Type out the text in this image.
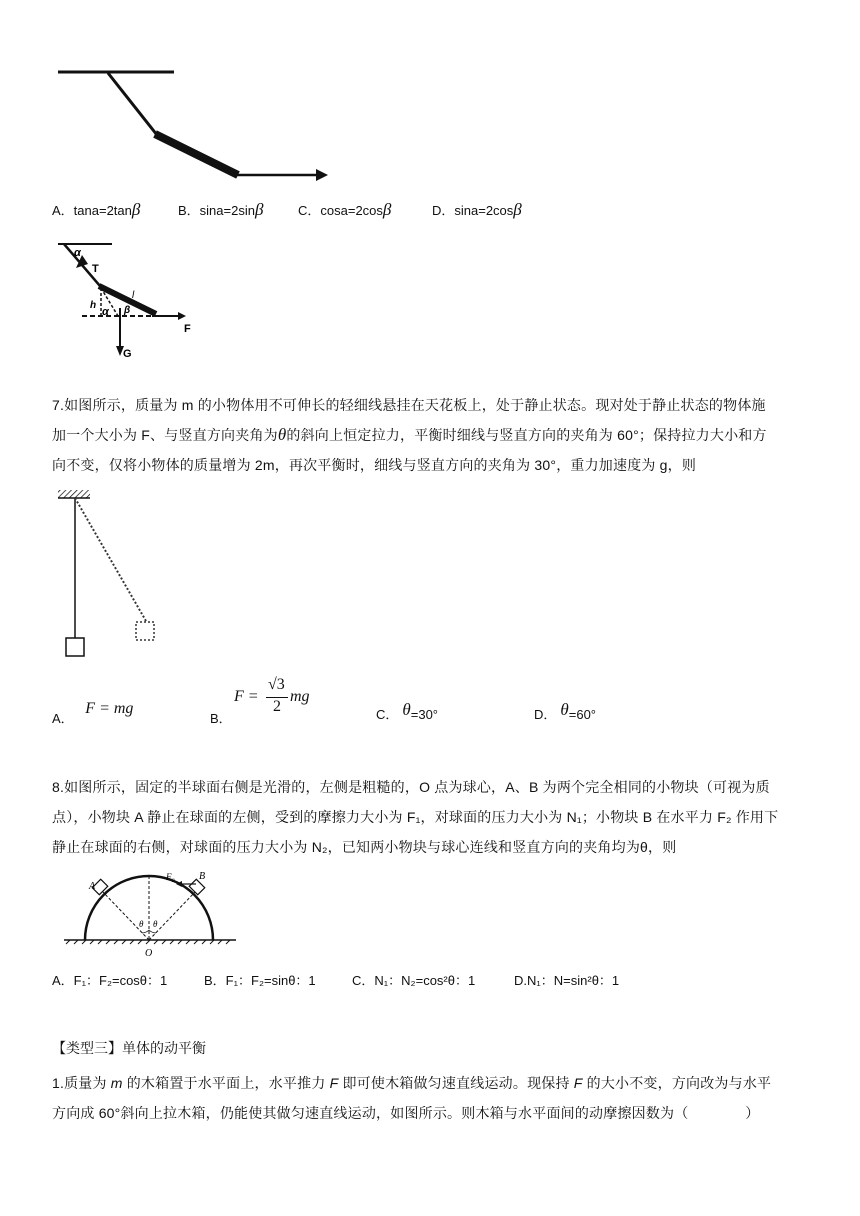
A．tana=2tanβ	B．sina=2sinβ	C．cosa=2cosβ	D．sina=2cosβ
α
T
l
h
α β
F
G
7.如图所示，质量为 m 的小物体用不可伸长的轻细线悬挂在天花板上，处于静止状态。现对处于静止状态的物体施
加一个大小为 F、与竖直方向夹角为θ的斜向上恒定拉力，平衡时细线与竖直方向的夹角为 60°；保持拉力大小和方
向不变，仅将小物体的质量增为 2m，再次平衡时，细线与竖直方向的夹角为 30°，重力加速度为 g，则
A． F = mg
B．
F =
√3
2
mg
C． θ=30°	D． θ=60°
8.如图所示，固定的半球面右侧是光滑的，左侧是粗糙的，O 点为球心，A、B 为两个完全相同的小物块（可视为质
点），小物块 A 静止在球面的左侧，受到的摩擦力大小为 F₁，对球面的压力大小为 N₁；小物块 B 在水平力 F₂ 作用下
静止在球面的右侧，对球面的压力大小为 N₂，已知两小物块与球心连线和竖直方向的夹角均为θ，则
A
B
F₂
θ θ
O
A．F₁：F₂=cosθ：1	B．F₁：F₂=sinθ：1	C．N₁：N₂=cos²θ：1	D.N₁：N=sin²θ：1
【类型三】单体的动平衡
1.质量为 m 的木箱置于水平面上，水平推力 F 即可使木箱做匀速直线运动。现保持 F 的大小不变，方向改为与水平
方向成 60°斜向上拉木箱，仍能使其做匀速直线运动，如图所示。则木箱与水平面间的动摩擦因数为（　　　　）
